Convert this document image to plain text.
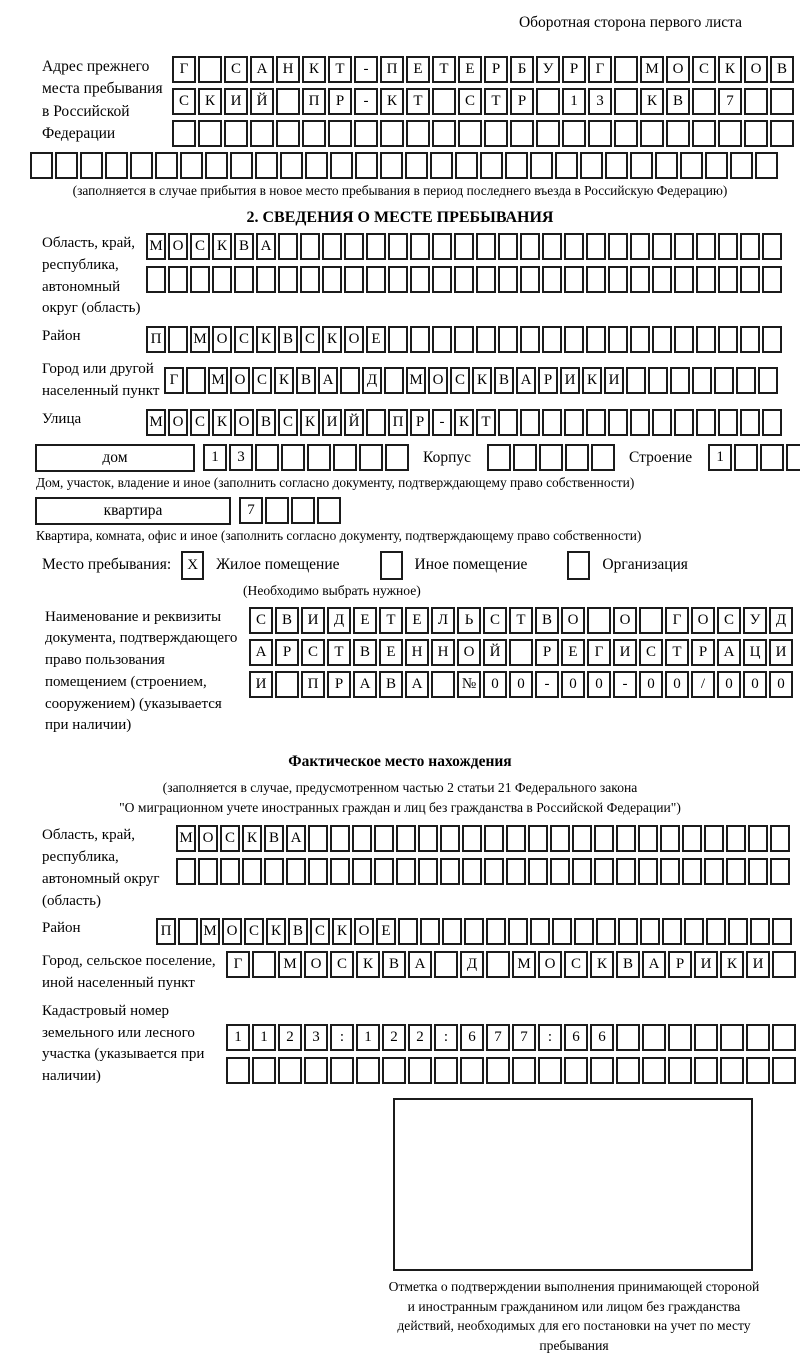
Оборотная сторона первого листа
Адрес прежнего места пребывания в Российской Федерации
Г	С	А	Н	К	Т	-	П	Е	Т	Е	Р	Б	У	Р	Г	М О	С	К	О	В
С	К	И	Й	П	Р	-	К	Т	С	Т	Р	1	3	К	В	7
(заполняется в случае прибытия в новое место пребывания в период последнего въезда в Российскую Федерацию)
2. СВЕДЕНИЯ О МЕСТЕ ПРЕБЫВАНИЯ
Область, край, республика, автономный округ (область)
М О С К В А
Район	П	М О С К В С К О Е
Город или другой населенный пункт
Г	М О С К В А	Д	М О С К В А Р И К И
Улица	М О С К О В С К И Й	П Р	- К Т
дом	1	3	Корпус	Строение	1
Дом, участок, владение и иное (заполнить согласно документу, подтверждающему право собственности)
квартира	7
Квартира, комната, офис и иное (заполнить согласно документу, подтверждающему право собственности)
Место пребывания:	X	Жилое помещение	Иное помещение	Организация
(Необходимо выбрать нужное)
Наименование и реквизиты документа, подтверждающего право пользования помещением (строением, сооружением) (указывается при наличии)
С	В	И	Д	Е	Т	Е	Л	Ь	С	Т	В	О	О	Г	О	С	У	Д
А	Р	С	Т	В	Е	Н	Н	О	Й	Р	Е	Г	И	С	Т	Р	А	Ц	И
И	П	Р	А	В	А	№	0	0	-	0	0	-	0	0	/	0	0	0
Фактическое место нахождения
(заполняется в случае, предусмотренном частью 2 статьи 21 Федерального закона
"О миграционном учете иностранных граждан и лиц без гражданства в Российской Федерации")
Область, край, республика, автономный округ (область)
М О С К В А
Район	П	М О С К В С К О Е
Город, сельское поселение, иной населенный пункт
Г	М О	С	К	В	А	Д	М О	С	К	В	А	Р	И	К	И
Кадастровый номер земельного или лесного участка (указывается при наличии)
1	1	2	3	:	1	2	2	:	6	7	7	:	6	6
Отметка о подтверждении выполнения принимающей стороной и иностранным гражданином или лицом без гражданства действий, необходимых для его постановки на учет по месту пребывания
